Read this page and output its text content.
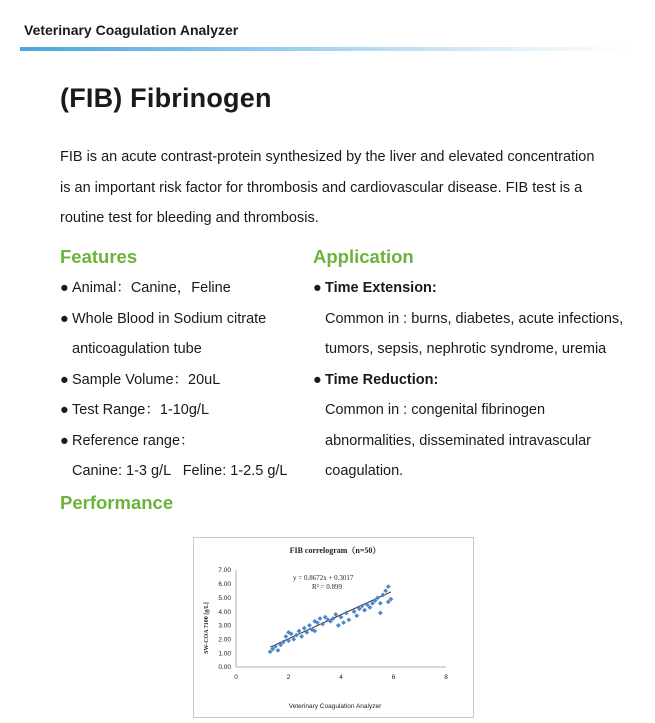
Veterinary Coagulation Analyzer
(FIB) Fibrinogen
FIB is an acute contrast-protein synthesized by the liver and elevated concentration
is an important risk factor for thrombosis and cardiovascular disease. FIB test is a
routine test for bleeding and thrombosis.
Features
● Animal：Canine，Feline
● Whole Blood in Sodium citrate
anticoagulation tube
● Sample Volume：20uL
● Test Range：1-10g/L
● Reference range：
Canine: 1-3 g/L   Feline: 1-2.5 g/L
Application
● Time Extension:
Common in : burns, diabetes, acute infections,
tumors, sepsis, nephrotic syndrome, uremia
● Time Reduction:
Common in : congenital fibrinogen
abnormalities, disseminated intravascular
coagulation.
Performance
FIB correlogram（n=50）
y = 0.8672x + 0.3017
R² = 0.899
Veterinary Coagulation Analyzer
SW-COA 7100 [g/L]
0.00
1.00
2.00
3.00
4.00
5.00
6.00
7.00
0	2	4	6	8
